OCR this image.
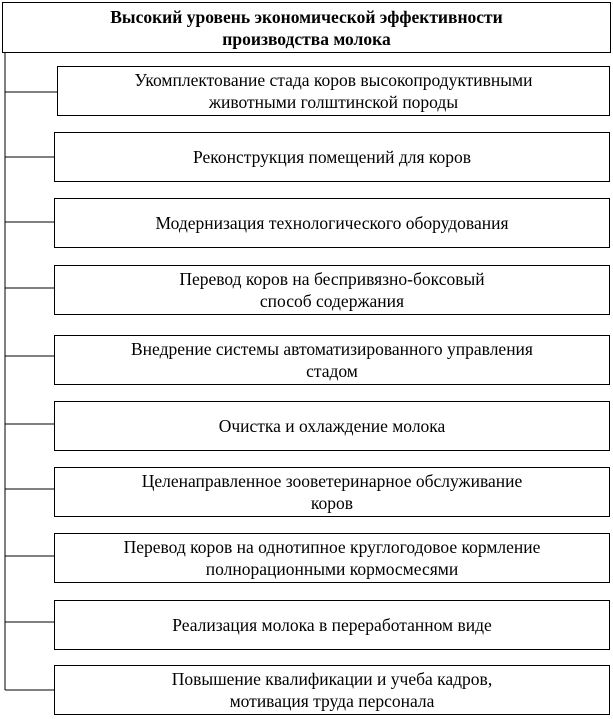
Высокий уровень экономической эффективности
производства молока
Укомплектование стада коров высокопродуктивными
животными голштинской породы
Реконструкция помещений для коров
Модернизация технологического оборудования
Перевод коров на беспривязно-боксовый
способ содержания
Внедрение системы автоматизированного управления
стадом
Очистка и охлаждение молока
Целенаправленное зооветеринарное обслуживание
коров
Перевод коров на однотипное круглогодовое кормление
полнорационными кормосмесями
Реализация молока в переработанном виде
Повышение квалификации и учеба кадров,
мотивация труда персонала
